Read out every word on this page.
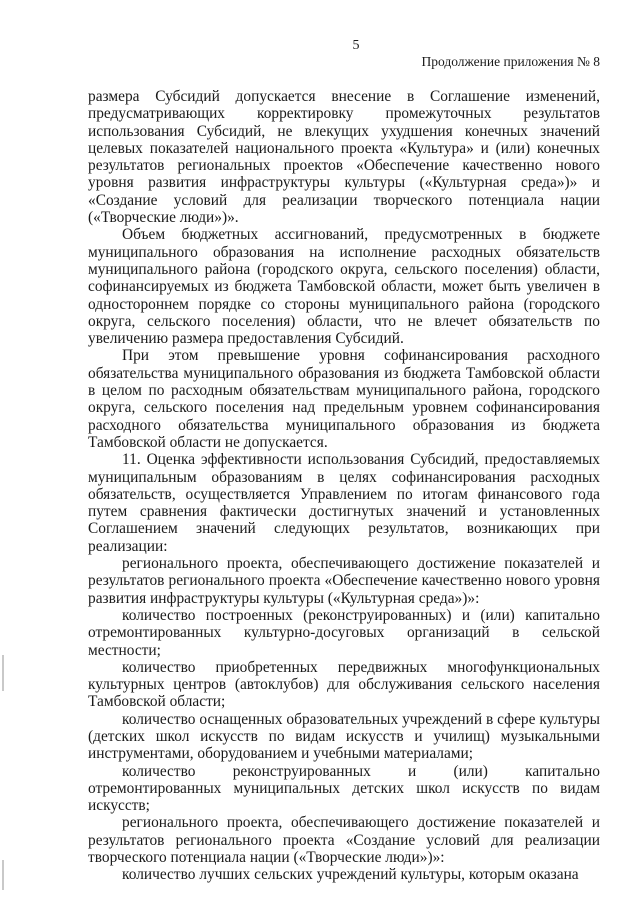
5
Продолжение приложения № 8

размера Субсидий допускается внесение в Соглашение изменений, предусматривающих корректировку промежуточных результатов использования Субсидий, не влекущих ухудшения конечных значений целевых показателей национального проекта «Культура» и (или) конечных результатов региональных проектов «Обеспечение качественно нового уровня развития инфраструктуры культуры («Культурная среда»)» и «Создание условий для реализации творческого потенциала нации («Творческие люди»)».

Объем бюджетных ассигнований, предусмотренных в бюджете муниципального образования на исполнение расходных обязательств муниципального района (городского округа, сельского поселения) области, софинансируемых из бюджета Тамбовской области, может быть увеличен в одностороннем порядке со стороны муниципального района (городского округа, сельского поселения) области, что не влечет обязательств по увеличению размера предоставления Субсидий.

При этом превышение уровня софинансирования расходного обязательства муниципального образования из бюджета Тамбовской области в целом по расходным обязательствам муниципального района, городского округа, сельского поселения над предельным уровнем софинансирования расходного обязательства муниципального образования из бюджета Тамбовской области не допускается.

11. Оценка эффективности использования Субсидий, предоставляемых муниципальным образованиям в целях софинансирования расходных обязательств, осуществляется Управлением по итогам финансового года путем сравнения фактически достигнутых значений и установленных Соглашением значений следующих результатов, возникающих при реализации:

регионального проекта, обеспечивающего достижение показателей и результатов регионального проекта «Обеспечение качественно нового уровня развития инфраструктуры культуры («Культурная среда»)»:

количество построенных (реконструированных) и (или) капитально отремонтированных культурно-досуговых организаций в сельской местности;

количество приобретенных передвижных многофункциональных культурных центров (автоклубов) для обслуживания сельского населения Тамбовской области;

количество оснащенных образовательных учреждений в сфере культуры (детских школ искусств по видам искусств и училищ) музыкальными инструментами, оборудованием и учебными материалами;

количество реконструированных и (или) капитально отремонтированных муниципальных детских школ искусств по видам искусств;

регионального проекта, обеспечивающего достижение показателей и результатов регионального проекта «Создание условий для реализации творческого потенциала нации («Творческие люди»)»:

количество лучших сельских учреждений культуры, которым оказана
